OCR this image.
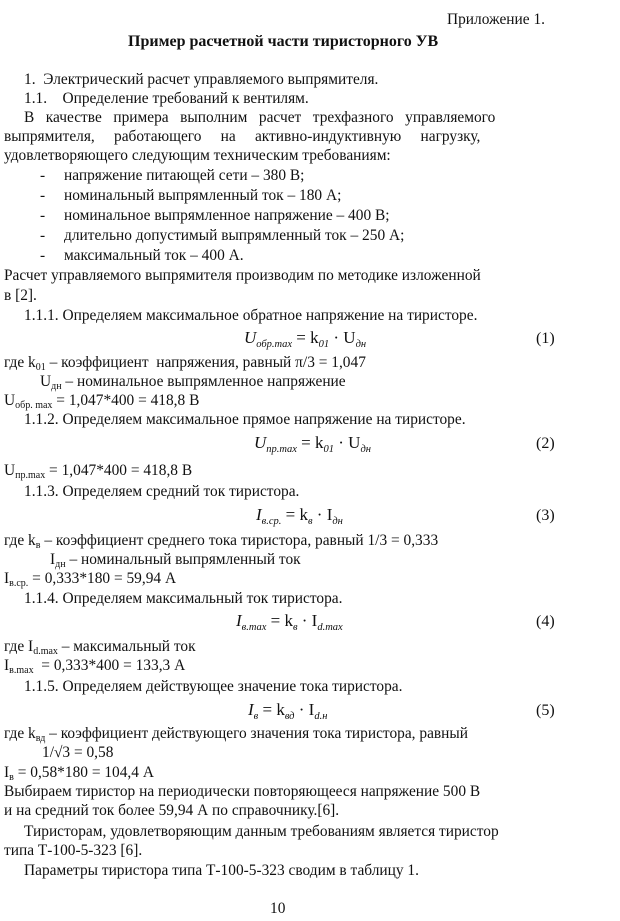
Приложение 1.
Пример расчетной части тиристорного УВ
1.  Электрический расчет управляемого выпрямителя.
1.1.    Определение требований к вентилям.
В   качестве   примера   выполним   расчет   трехфазного   управляемого
выпрямителя,     работающего     на     активно-индуктивную     нагрузку,
удовлетворяющего следующим техническим требованиям:
- напряжение питающей сети – 380 В;
- номинальный выпрямленный ток – 180 А;
- номинальное выпрямленное напряжение – 400 В;
- длительно допустимый выпрямленный ток – 250 А;
- максимальный ток – 400 А.
Расчет управляемого выпрямителя производим по методике изложенной
в [2].
1.1.1. Определяем максимальное обратное напряжение на тиристоре.
$U_{обр.max} = k_{01} \cdot U_{дн}$	(1)
где k01 – коэффициент  напряжения, равный π/3 = 1,047
Uдн – номинальное выпрямленное напряжение
Uобр. max = 1,047*400 = 418,8 В
1.1.2. Определяем максимальное прямое напряжение на тиристоре.
$U_{пр.max} = k_{01} \cdot U_{дн}$	(2)
Uпр.max = 1,047*400 = 418,8 В
1.1.3. Определяем средний ток тиристора.
$I_{в.ср.} = k_в \cdot I_{дн}$	(3)
где kв – коэффициент среднего тока тиристора, равный 1/3 = 0,333
Iдн – номинальный выпрямленный ток
Iв.ср. = 0,333*180 = 59,94 А
1.1.4. Определяем максимальный ток тиристора.
$I_{в.max} = k_в \cdot I_{d.max}$	(4)
где Id.max – максимальный ток
Iв.max  = 0,333*400 = 133,3 А
1.1.5. Определяем действующее значение тока тиристора.
$I_в = k_{вд} \cdot I_{d.н}$	(5)
где kвд – коэффициент действующего значения тока тиристора, равный
1/√3 = 0,58
Iв = 0,58*180 = 104,4 А
Выбираем тиристор на периодически повторяющееся напряжение 500 В
и на средний ток более 59,94 А по справочнику.[6].
Тиристорам, удовлетворяющим данным требованиям является тиристор
типа Т-100-5-323 [6].
Параметры тиристора типа Т-100-5-323 сводим в таблицу 1.
10
